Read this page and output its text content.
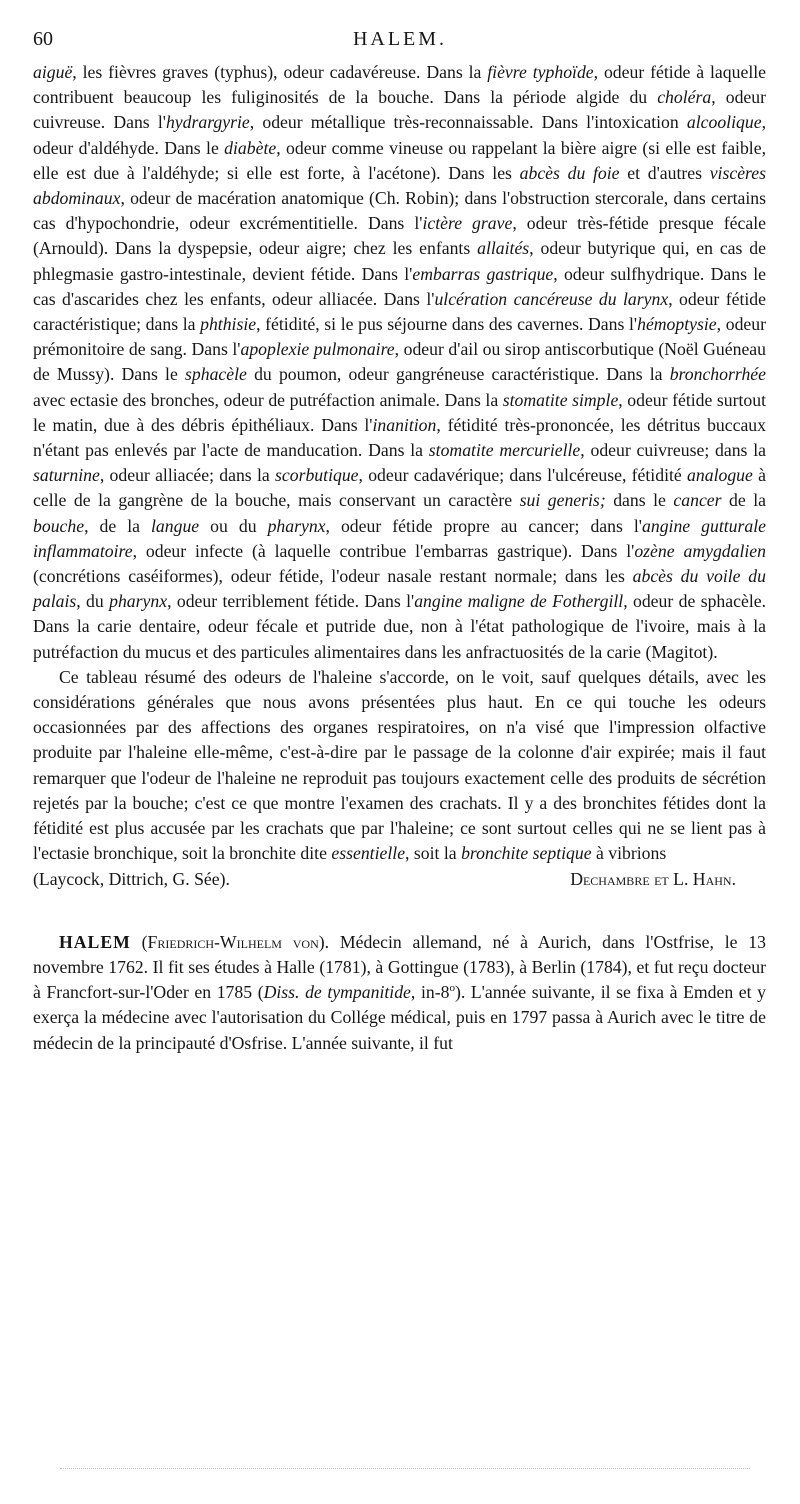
60	HALEM.

aiguë, les fièvres graves (typhus), odeur cadavéreuse. Dans la fièvre typhoïde, odeur fétide à laquelle contribuent beaucoup les fuliginosités de la bouche. Dans la période algide du choléra, odeur cuivreuse. Dans l'hydrargyrie, odeur métallique très-reconnaissable. Dans l'intoxication alcoolique, odeur d'aldéhyde. Dans le diabète, odeur comme vineuse ou rappelant la bière aigre (si elle est faible, elle est due à l'aldéhyde; si elle est forte, à l'acétone). Dans les abcès du foie et d'autres viscères abdominaux, odeur de macération anatomique (Ch. Robin); dans l'obstruction stercorale, dans certains cas d'hypochondrie, odeur excrémentitielle. Dans l'ictère grave, odeur très-fétide presque fécale (Arnould). Dans la dyspepsie, odeur aigre; chez les enfants allaités, odeur butyrique qui, en cas de phlegmasie gastro-intestinale, devient fétide. Dans l'embarras gastrique, odeur sulfhydrique. Dans le cas d'ascarides chez les enfants, odeur alliacée. Dans l'ulcération cancéreuse du larynx, odeur fétide caractéristique; dans la phthisie, fétidité, si le pus séjourne dans des cavernes. Dans l'hémoptysie, odeur prémonitoire de sang. Dans l'apoplexie pulmonaire, odeur d'ail ou sirop antiscorbutique (Noël Guéneau de Mussy). Dans le sphacèle du poumon, odeur gangréneuse caractéristique. Dans la bronchorrhée avec ectasie des bronches, odeur de putréfaction animale. Dans la stomatite simple, odeur fétide surtout le matin, due à des débris épithéliaux. Dans l'inanition, fétidité très-prononcée, les détritus buccaux n'étant pas enlevés par l'acte de manducation. Dans la stomatite mercurielle, odeur cuivreuse; dans la saturnine, odeur alliacée; dans la scorbutique, odeur cadavérique; dans l'ulcéreuse, fétidité analogue à celle de la gangrène de la bouche, mais conservant un caractère sui generis; dans le cancer de la bouche, de la langue ou du pharynx, odeur fétide propre au cancer; dans l'angine gutturale inflammatoire, odeur infecte (à laquelle contribue l'embarras gastrique). Dans l'ozène amygdalien (concrétions caséiformes), odeur fétide, l'odeur nasale restant normale; dans les abcès du voile du palais, du pharynx, odeur terriblement fétide. Dans l'angine maligne de Fothergill, odeur de sphacèle. Dans la carie dentaire, odeur fécale et putride due, non à l'état pathologique de l'ivoire, mais à la putréfaction du mucus et des particules alimentaires dans les anfractuosités de la carie (Magitot).

Ce tableau résumé des odeurs de l'haleine s'accorde, on le voit, sauf quelques détails, avec les considérations générales que nous avons présentées plus haut. En ce qui touche les odeurs occasionnées par des affections des organes respiratoires, on n'a visé que l'impression olfactive produite par l'haleine elle-même, c'est-à-dire par le passage de la colonne d'air expirée; mais il faut remarquer que l'odeur de l'haleine ne reproduit pas toujours exactement celle des produits de sécrétion rejetés par la bouche; c'est ce que montre l'examen des crachats. Il y a des bronchites fétides dont la fétidité est plus accusée par les crachats que par l'haleine; ce sont surtout celles qui ne se lient pas à l'ectasie bronchique, soit la bronchite dite essentielle, soit la bronchite septique à vibrions

(Laycock, Dittrich, G. Sée).	Dechambre et L. Hahn.

HALEM (Friedrich-Wilhelm von). Médecin allemand, né à Aurich, dans l'Ostfrise, le 13 novembre 1762. Il fit ses études à Halle (1781), à Gottingue (1783), à Berlin (1784), et fut reçu docteur à Francfort-sur-l'Oder en 1785 (Diss. de tympanitide, in-8$^o$). L'année suivante, il se fixa à Emden et y exerça la médecine avec l'autorisation du Collége médical, puis en 1797 passa à Aurich avec le titre de médecin de la principauté d'Osfrise. L'année suivante, il fut
